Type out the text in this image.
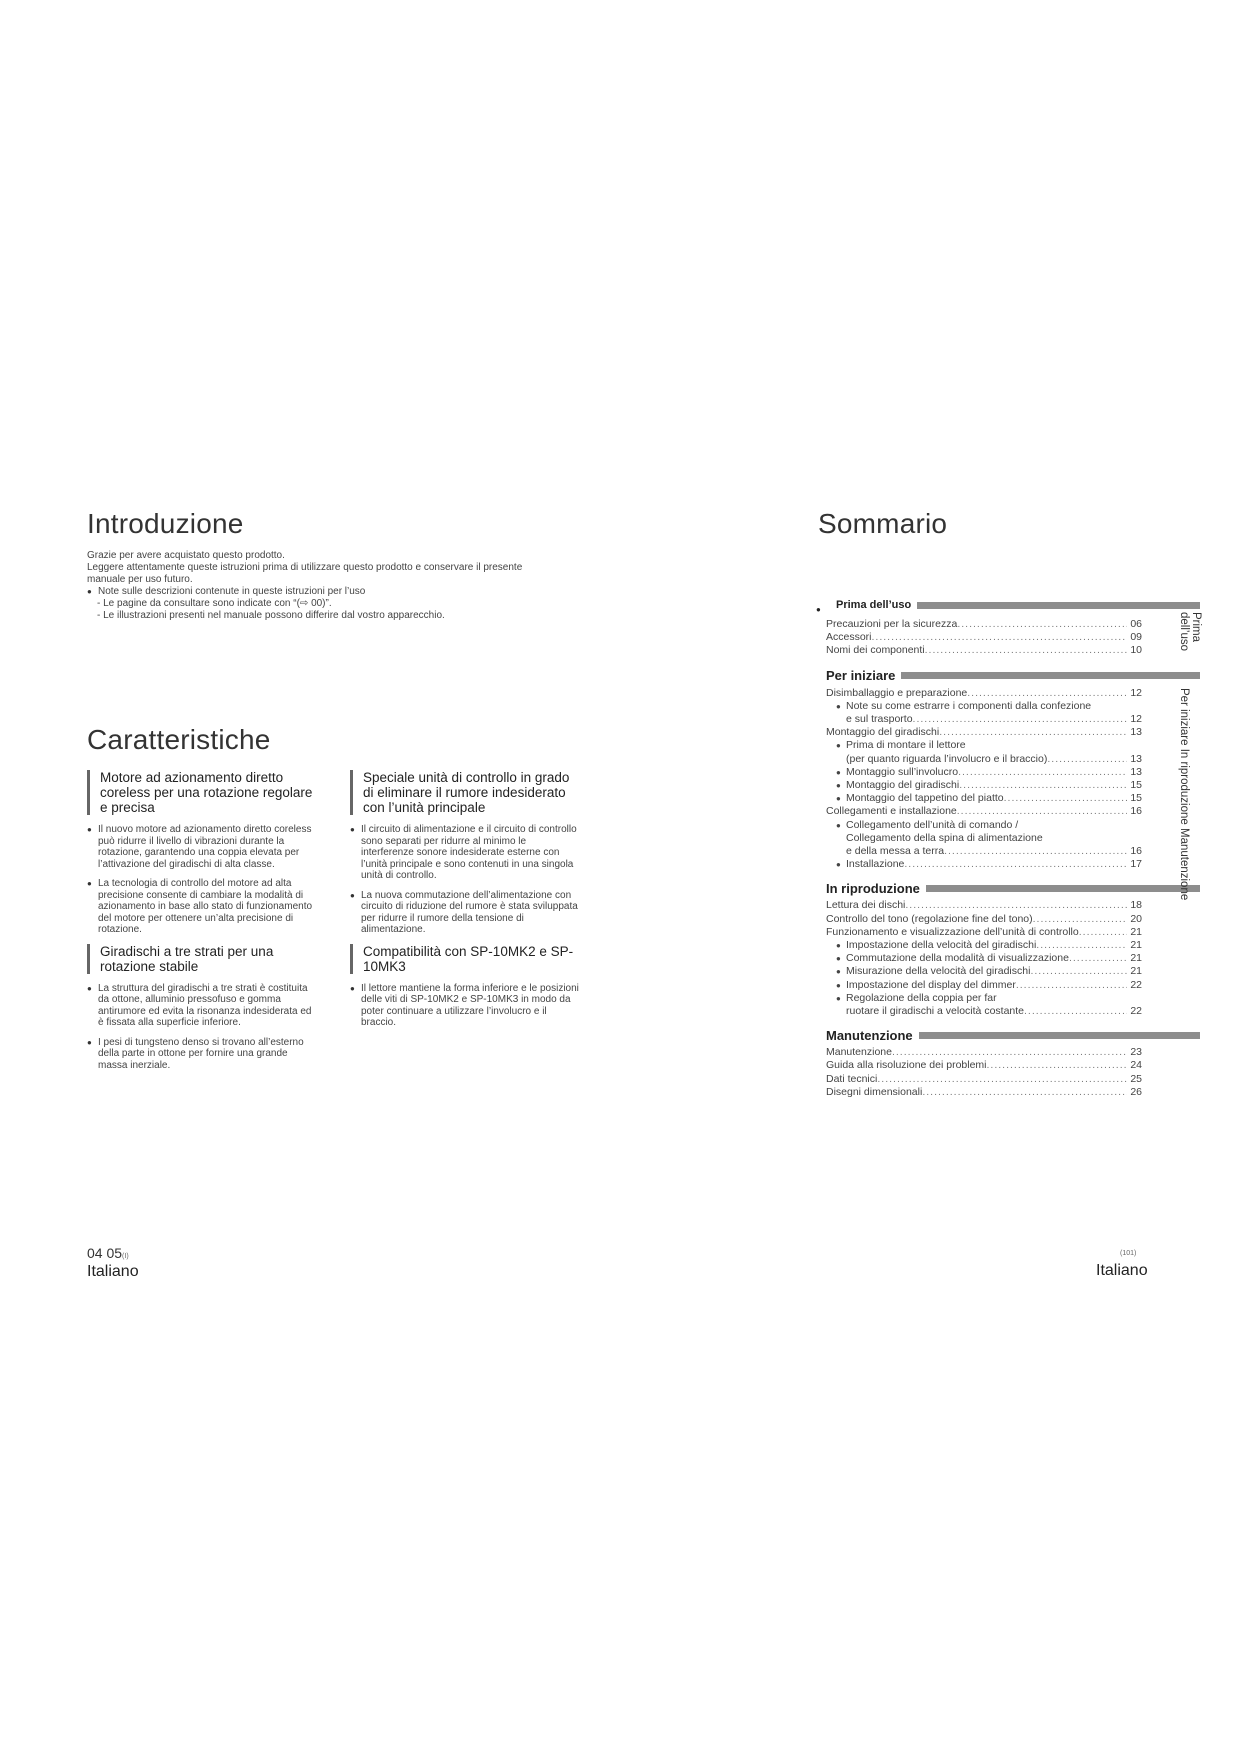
Introduzione
Grazie per avere acquistato questo prodotto.
Leggere attentamente queste istruzioni prima di utilizzare questo prodotto e conservare il presente
manuale per uso futuro.
● Note sulle descrizioni contenute in queste istruzioni per l’uso
- Le pagine da consultare sono indicate con “(⇨ 00)”.
- Le illustrazioni presenti nel manuale possono differire dal vostro apparecchio.
Caratteristiche
Motore ad azionamento diretto coreless per una rotazione regolare e precisa
● Il nuovo motore ad azionamento diretto coreless può ridurre il livello di vibrazioni durante la rotazione, garantendo una coppia elevata per l’attivazione del giradischi di alta classe.
● La tecnologia di controllo del motore ad alta precisione consente di cambiare la modalità di azionamento in base allo stato di funzionamento del motore per ottenere un’alta precisione di rotazione.
Giradischi a tre strati per una rotazione stabile
● La struttura del giradischi a tre strati è costituita da ottone, alluminio pressofuso e gomma antirumore ed evita la risonanza indesiderata ed è fissata alla superficie inferiore.
● I pesi di tungsteno denso si trovano all’esterno della parte in ottone per fornire una grande massa inerziale.
Speciale unità di controllo in grado di eliminare il rumore indesiderato con l’unità principale
● Il circuito di alimentazione e il circuito di controllo sono separati per ridurre al minimo le interferenze sonore indesiderate esterne con l’unità principale e sono contenuti in una singola unità di controllo.
● La nuova commutazione dell’alimentazione con circuito di riduzione del rumore è stata sviluppata per ridurre il rumore della tensione di alimentazione.
Compatibilità con SP-10MK2 e SP-10MK3
● Il lettore mantiene la forma inferiore e le posizioni delle viti di SP-10MK2 e SP-10MK3 in modo da poter continuare a utilizzare l’involucro e il braccio.
04 05(I)
Italiano
Sommario
Prima dell’uso
Precauzioni per la sicurezza .....	06
Accessori .....	09
Nomi dei componenti .....	10
Per iniziare
Disimballaggio e preparazione .....	12
● Note su come estrarre i componenti dalla confezione
e sul trasporto .....	12
Montaggio del giradischi .....	13
● Prima di montare il lettore
(per quanto riguarda l’involucro e il braccio) .....	13
● Montaggio sull’involucro .....	13
● Montaggio del giradischi .....	15
● Montaggio del tappetino del piatto .....	15
Collegamenti e installazione .....	16
● Collegamento dell’unità di comando /
Collegamento della spina di alimentazione
e della messa a terra .....	16
● Installazione .....	17
In riproduzione
Lettura dei dischi .....	18
Controllo del tono (regolazione fine del tono) .....	20
Funzionamento e visualizzazione dell’unità di controllo .....	21
● Impostazione della velocità del giradischi .....	21
● Commutazione della modalità di visualizzazione .....	21
● Misurazione della velocità del giradischi .....	21
● Impostazione del display del dimmer .....	22
● Regolazione della coppia per far
ruotare il giradischi a velocità costante .....	22
Manutenzione
Manutenzione .....	23
Guida alla risoluzione dei problemi .....	24
Dati tecnici .....	25
Disegni dimensionali .....	26
Prima dell’uso
Per iniziare In riproduzione Manutenzione
(101)
Italiano
